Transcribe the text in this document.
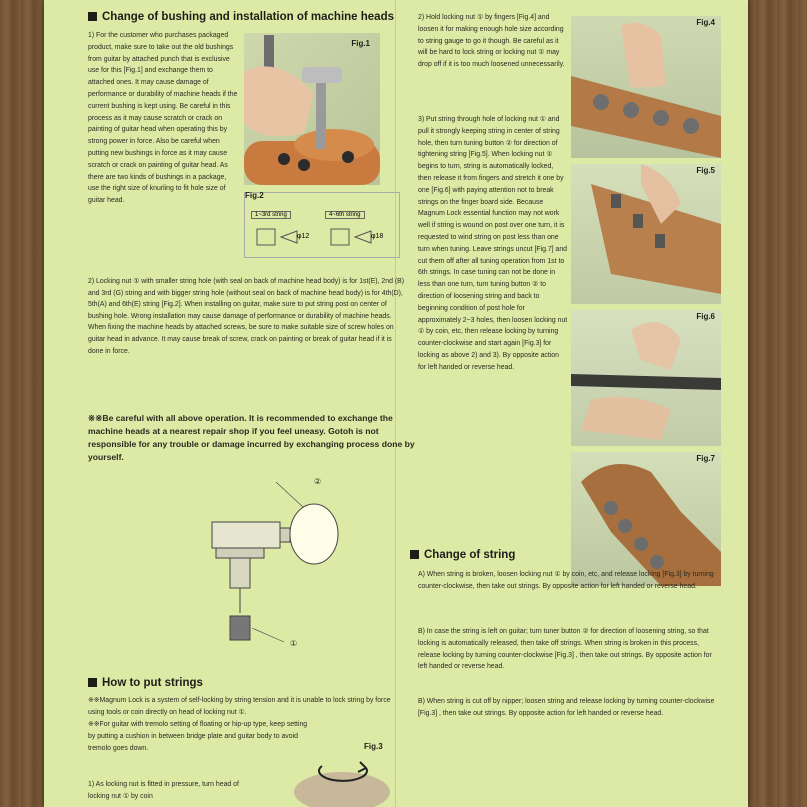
Change of bushing and installation of machine heads

1) For the customer who purchases packaged product, make sure to take out the old bushings from guitar by attached punch that is exclusive use for this [Fig.1] and exchange them to attached ones. It may cause damage of performance or durability of machine heads if the current bushing is kept using. Be careful in this process as it may cause scratch or crack on painting of guitar head when operating this by strong power in force. Also be careful when putting new bushings in force as it may cause scratch or crack on painting of guitar head. As there are two kinds of bushings in a package, use the right size of knurling to fit hole size of guitar head.

Fig.1
Fig.2
1~3rd string	4~6th string
φ12	φ18

2) Locking nut ① with smaller string hole (with seal on back of machine head body) is for 1st(E), 2nd (B) and 3rd (G) string and with bigger string hole (without seal on back of machine head body) is for 4th(D), 5th(A) and 6th(E) string [Fig.2]. When installing on guitar, make sure to put string post on center of bushing hole. Wrong installation may cause damage of performance or durability of machine heads. When fixing the machine heads by attached screws, be sure to make suitable size of screw holes on guitar head in advance. It may cause break of screw, crack on painting or break of guitar head if it is done in force.

※※Be careful with all above operation. It is recommended to exchange the machine heads at a nearest repair shop if you feel uneasy. Gotoh is not responsible for any trouble or damage incurred by exchanging process done by yourself.

②
①
How to put strings

※※Magnum Lock is a system of self-locking by string tension and it is unable to lock string by force using tools or coin directly on head of locking nut ①.

※※For guitar with tremolo setting of floating or hip-up type, keep setting by putting a cushion in between bridge plate and guitar body to avoid tremolo goes down.

1) As locking nut is fitted in pressure, turn head of locking nut ① by coin

Fig.3

2) Hold locking nut ① by fingers [Fig.4] and loosen it for making enough hole size according to string gauge to go it though. Be careful as it will be hard to lock string or locking nut ① may drop off if it is too much loosened unnecessarily.

Fig.4

3) Put string through hole of locking nut ① and pull it strongly keeping string in center of string hole, then turn tuning button ② for direction of tightening string [Fig.5]. When locking nut ① begins to turn, string is automatically locked, then release it from fingers and stretch it one by one [Fig.6] with paying attention not to break strings on the finger board side. Because Magnum Lock essential function may not work well if string is wound on post over one turn, it is requested to wind string on post less than one turn when tuning. Leave strings uncut [Fig.7] and cut them off after all tuning operation from 1st to 6th strings. In case tuning can not be done in less than one turn, turn tuning button ② to direction of loosening string and back to beginning condition of post hole for approximately 2~3 holes, then loosen locking nut ① by coin, etc, then release locking by turning counter-clockwise and start again [Fig.3] for locking as above 2) and 3). By opposite action for left handed or reverse head.

Fig.5
Fig.6
Fig.7
Change of string

A) When string is broken, loosen locking nut ① by coin, etc, and release locking [Fig.3] by turning counter-clockwise, then take out strings. By opposite action for left handed or reverse head.

B) In case the string is left on guitar; turn tuner button ② for direction of loosening string, so that locking is automatically released, then take off strings. When string is broken in this process, release locking by turning counter-clockwise [Fig.3] , then take out strings. By opposite action for left handed or reverse head.

B) When string is cut off by nipper; loosen string and release locking by turning counter-clockwise [Fig.3] , then take out strings. By opposite action for left handed or reverse head.
